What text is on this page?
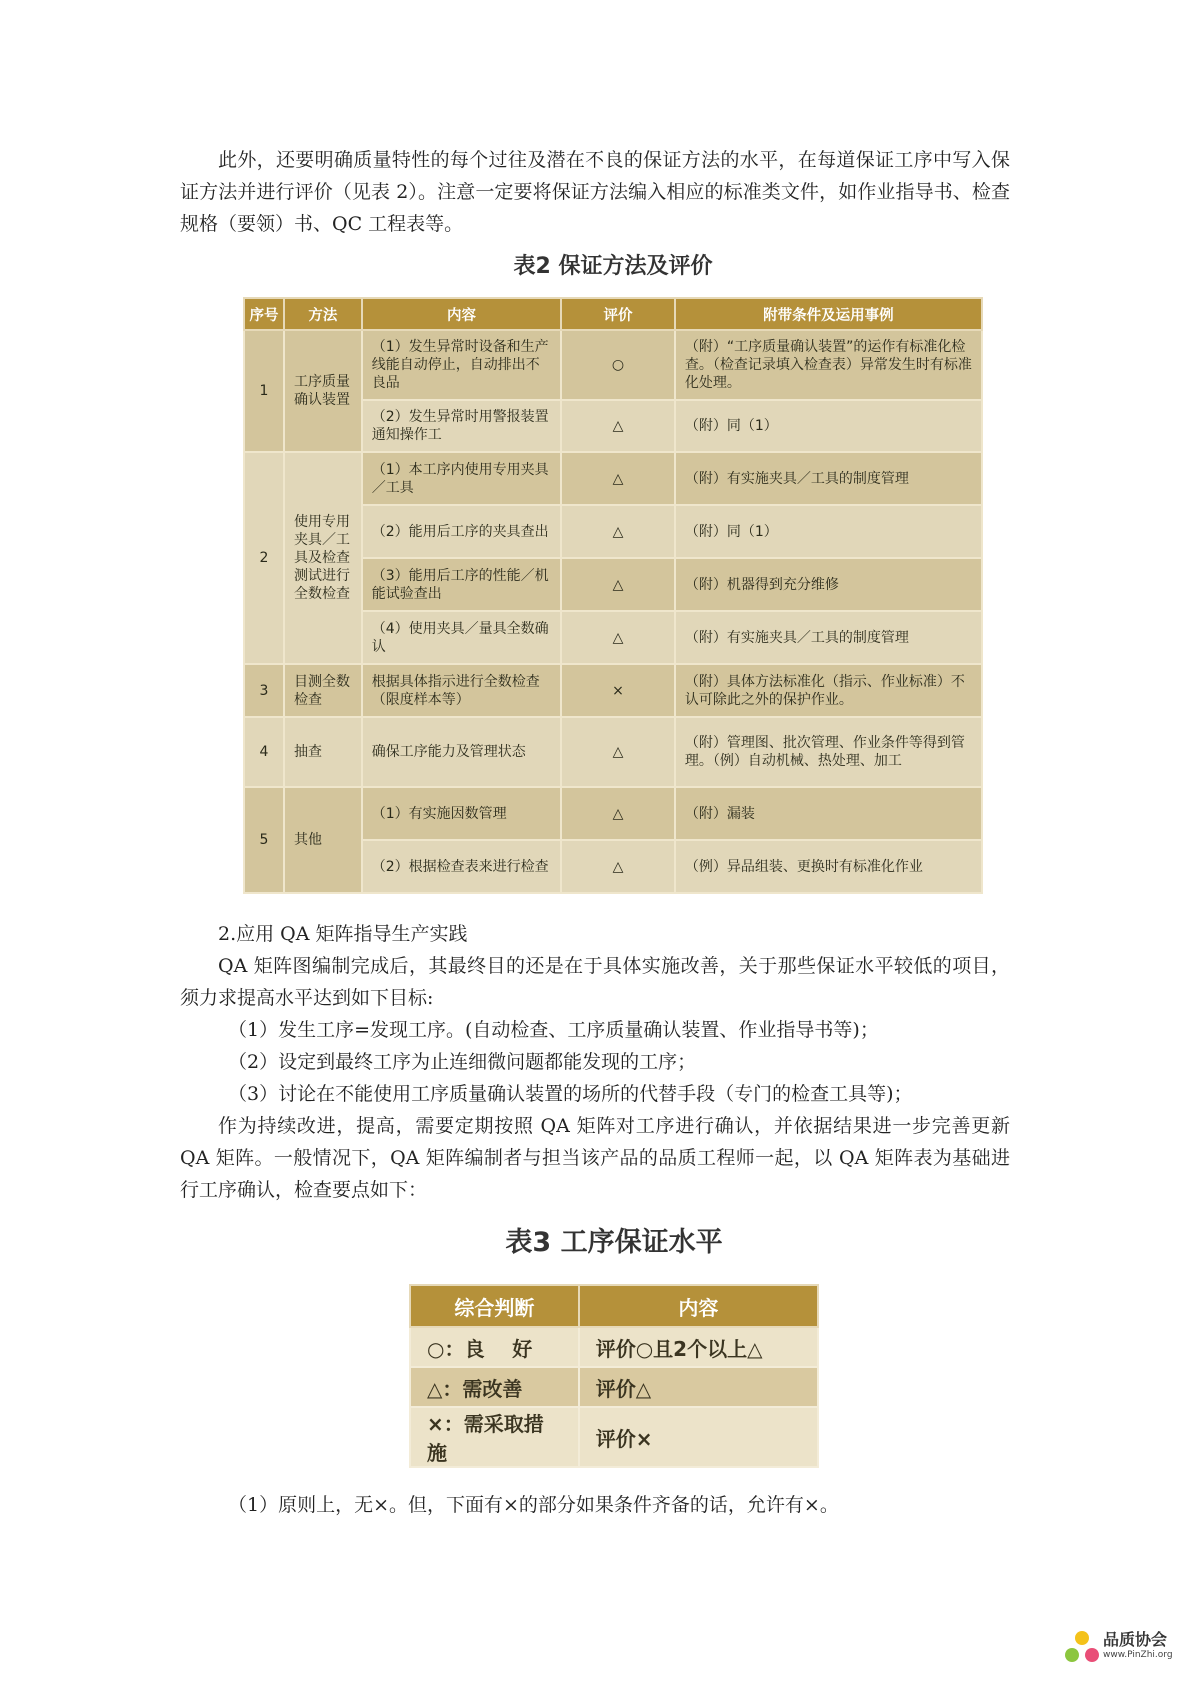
此外，还要明确质量特性的每个过往及潜在不良的保证方法的水平，在每道保证工序中写入保证方法并进行评价（见表 2）。注意一定要将保证方法编入相应的标准类文件，如作业指导书、检查规格（要领）书、QC 工程表等。

表2 保证方法及评价
序号	方法	内容	评价	附带条件及运用事例
1	工序质量确认装置	（1）发生异常时设备和生产线能自动停止，自动排出不良品	○	（附）“工序质量确认装置”的运作有标准化检查。（检查记录填入检查表）异常发生时有标准化处理。
		（2）发生异常时用警报装置通知操作工	△	（附）同（1）
2	使用专用夹具／工具及检查测试进行全数检查	（1）本工序内使用专用夹具／工具	△	（附）有实施夹具／工具的制度管理
		（2）能用后工序的夹具查出	△	（附）同（1）
		（3）能用后工序的性能／机能试验查出	△	（附）机器得到充分维修
		（4）使用夹具／量具全数确认	△	（附）有实施夹具／工具的制度管理
3	目测全数检查	根据具体指示进行全数检查（限度样本等）	×	（附）具体方法标准化（指示、作业标准）不认可除此之外的保护作业。
4	抽查	确保工序能力及管理状态	△	（附）管理图、批次管理、作业条件等得到管理。（例）自动机械、热处理、加工
5	其他	（1）有实施因数管理	△	（附）漏装
		（2）根据检查表来进行检查	△	（例）异品组装、更换时有标准化作业

2.应用 QA 矩阵指导生产实践

QA 矩阵图编制完成后，其最终目的还是在于具体实施改善，关于那些保证水平较低的项目，须力求提高水平达到如下目标:

（1）发生工序=发现工序。(自动检查、工序质量确认装置、作业指导书等)；

（2）设定到最终工序为止连细微问题都能发现的工序；

（3）讨论在不能使用工序质量确认装置的场所的代替手段（专门的检查工具等)；

作为持续改进，提高，需要定期按照 QA 矩阵对工序进行确认，并依据结果进一步完善更新 QA 矩阵。一般情况下，QA 矩阵编制者与担当该产品的品质工程师一起，以 QA 矩阵表为基础进行工序确认，检查要点如下：

表3 工序保证水平
综合判断	内容
○：良    好	评价○且2个以上△
△：需改善	评价△
×：需采取措施	评价×

（1）原则上，无×。但，下面有×的部分如果条件齐备的话，允许有×。

品质协会
www.PinZhi.org
